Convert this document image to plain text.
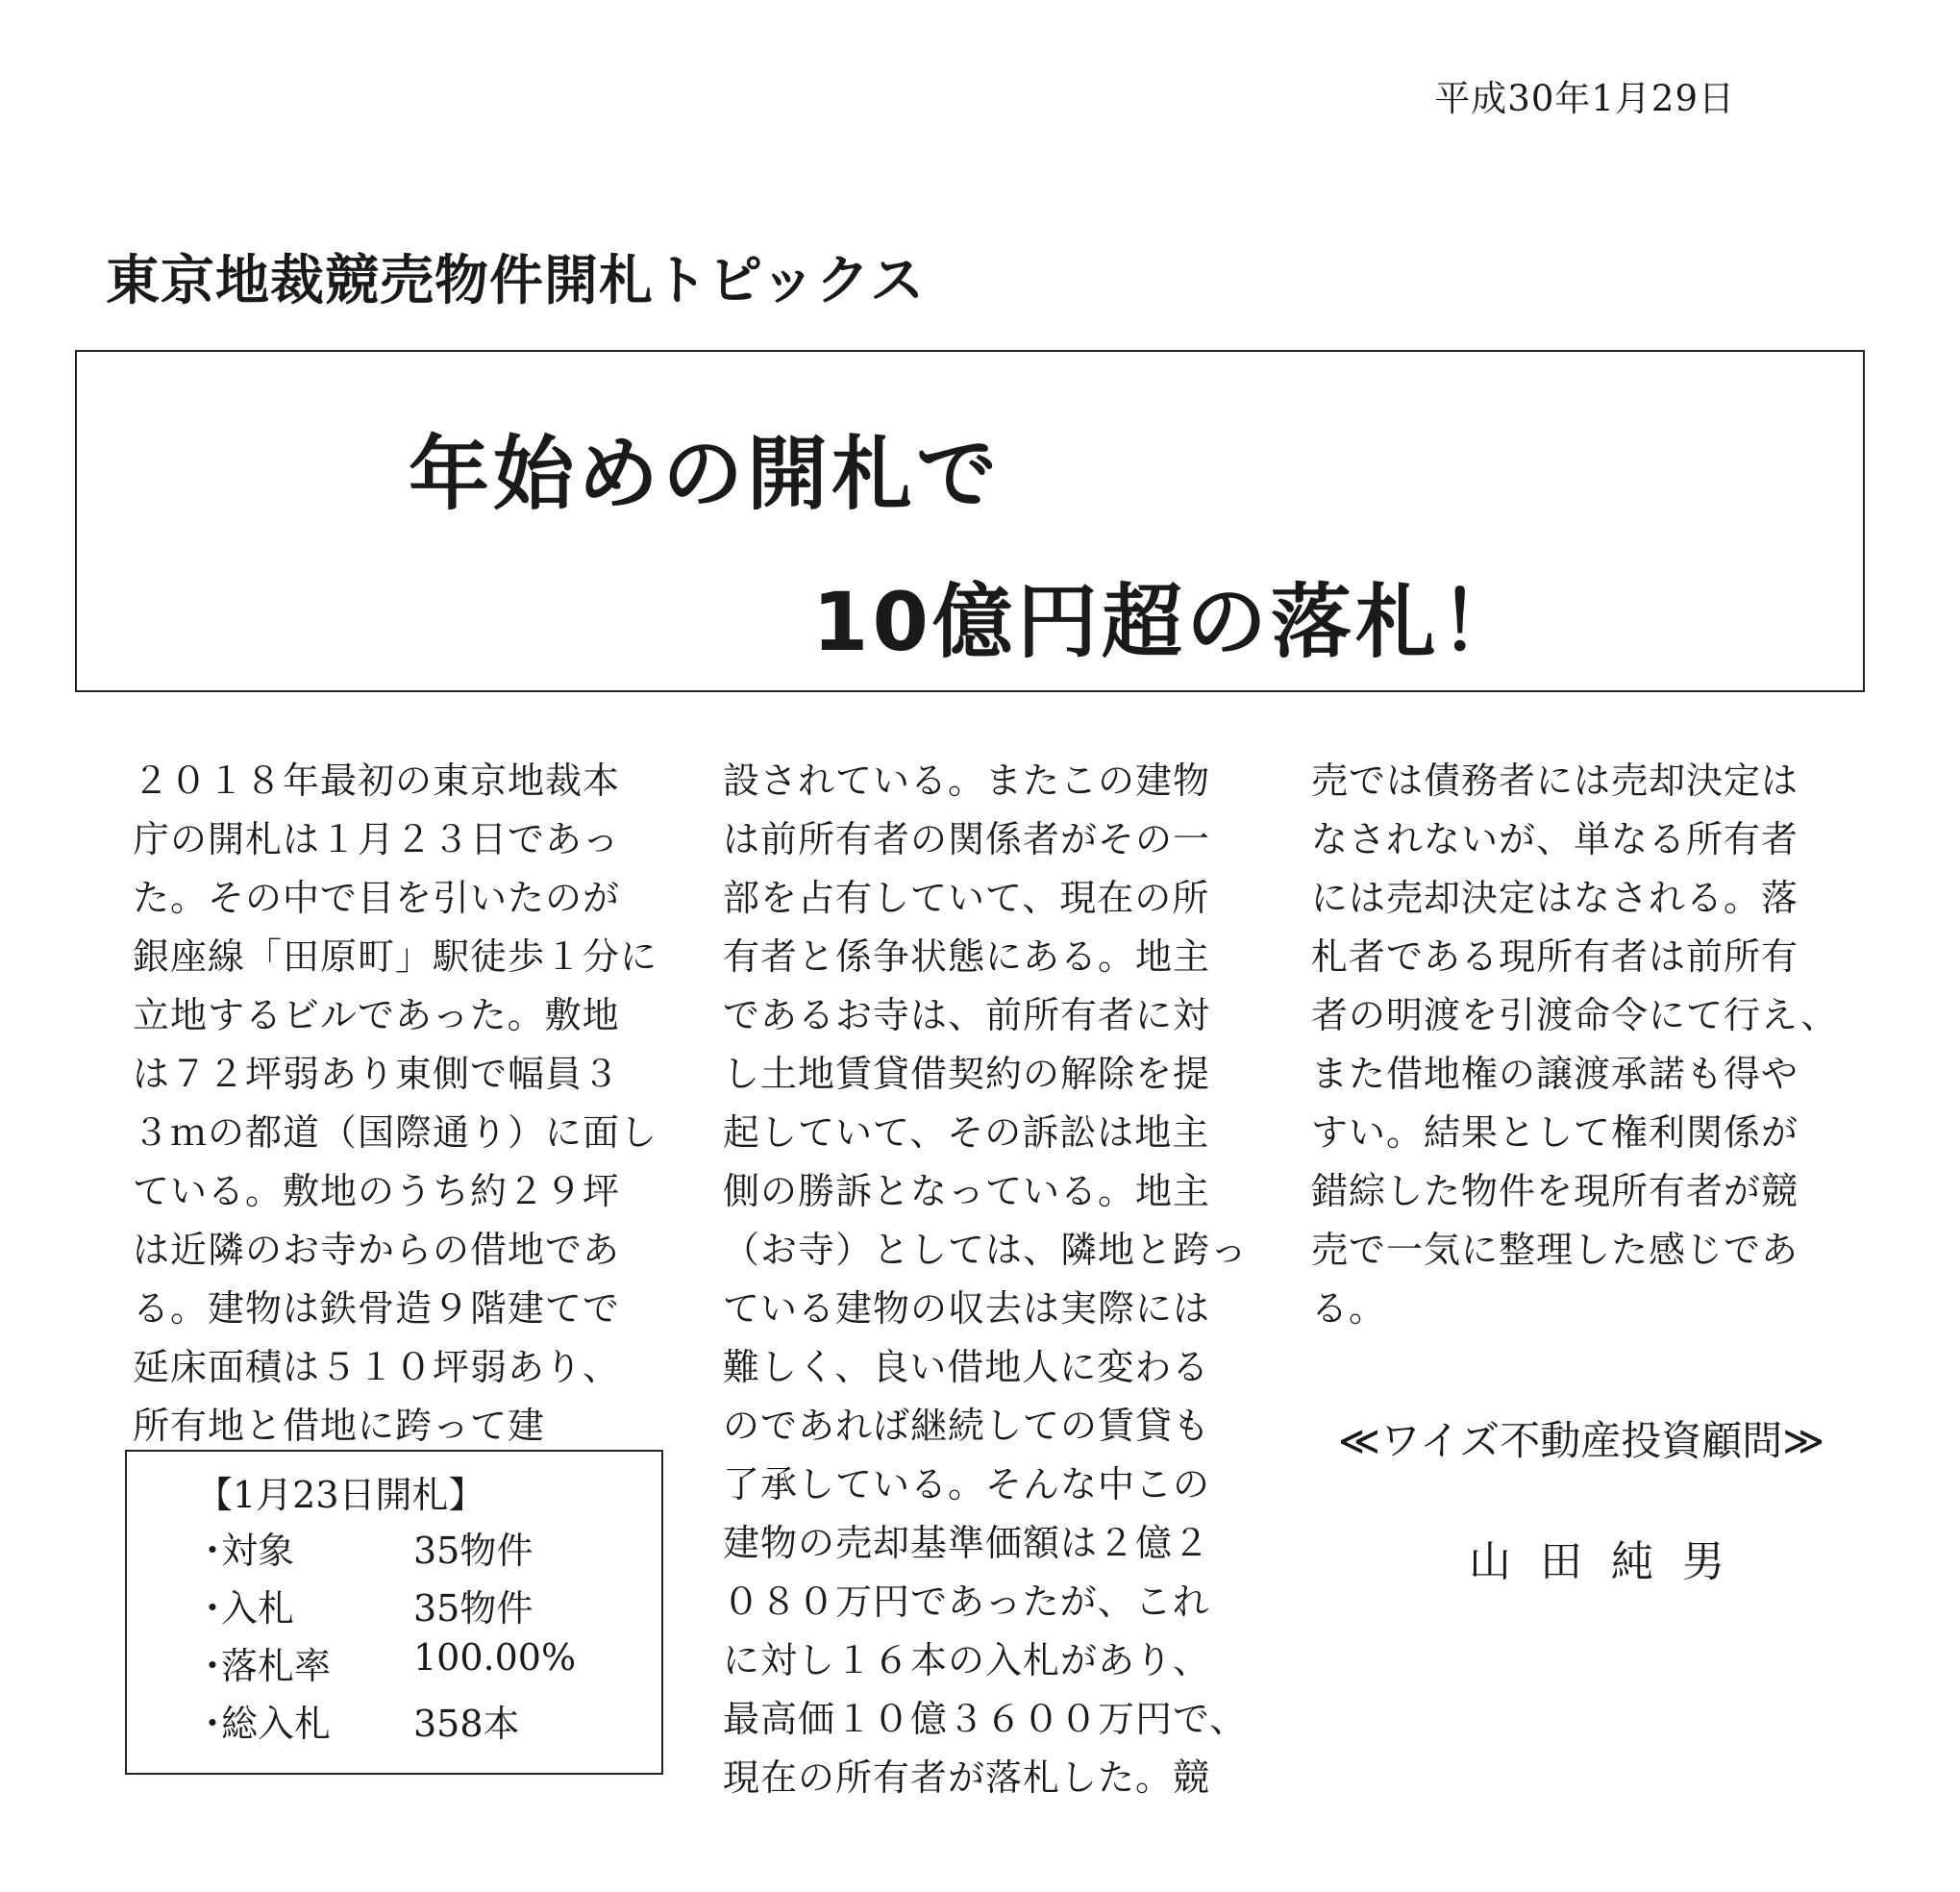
平成30年1月29日
東京地裁競売物件開札トピックス
年始めの開札で
10億円超の落札！
２０１８年最初の東京地裁本
庁の開札は１月２３日であっ
た。その中で目を引いたのが
銀座線「田原町」駅徒歩１分に
立地するビルであった。敷地
は７２坪弱あり東側で幅員３
３ｍの都道（国際通り）に面し
ている。敷地のうち約２９坪
は近隣のお寺からの借地であ
る。建物は鉄骨造９階建てで
延床面積は５１０坪弱あり、
所有地と借地に跨って建
設されている。またこの建物
は前所有者の関係者がその一
部を占有していて、現在の所
有者と係争状態にある。地主
であるお寺は、前所有者に対
し土地賃貸借契約の解除を提
起していて、その訴訟は地主
側の勝訴となっている。地主
（お寺）としては、隣地と跨っ
ている建物の収去は実際には
難しく、良い借地人に変わる
のであれば継続しての賃貸も
了承している。そんな中この
建物の売却基準価額は２億２
０８０万円であったが、これ
に対し１６本の入札があり、
最高価１０億３６００万円で、
現在の所有者が落札した。競
売では債務者には売却決定は
なされないが、単なる所有者
には売却決定はなされる。落
札者である現所有者は前所有
者の明渡を引渡命令にて行え、
また借地権の譲渡承諾も得や
すい。結果として権利関係が
錯綜した物件を現所有者が競
売で一気に整理した感じであ
る。
【1月23日開札】
・
対象	35物件
・
入札	35物件
・
落札率 100.00%
・
総入札 358本
≪ワイズ不動産投資顧問≫
山田純男
